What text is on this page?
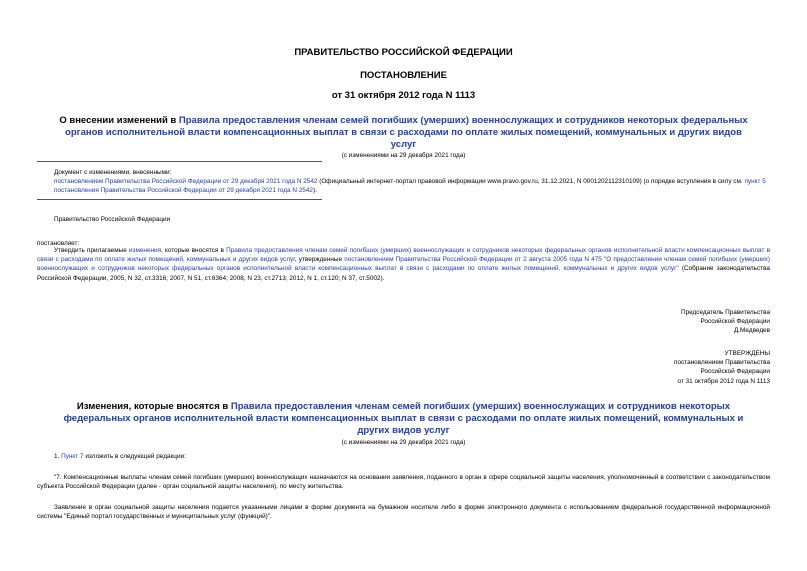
ПРАВИТЕЛЬСТВО РОССИЙСКОЙ ФЕДЕРАЦИИ
ПОСТАНОВЛЕНИЕ
от 31 октября 2012 года N 1113
О внесении изменений в Правила предоставления членам семей погибших (умерших) военнослужащих и сотрудников некоторых федеральных органов исполнительной власти компенсационных выплат в связи с расходами по оплате жилых помещений, коммунальных и других видов услуг
(с изменениями на 29 декабря 2021 года)
Документ с изменениями, внесенными:
постановлением Правительства Российской Федерации от 29 декабря 2021 года N 2542 (Официальный интернет-портал правовой информации www.pravo.gov.ru, 31.12.2021, N 0001202112310109) (о порядке вступления в силу см. пункт 5 постановления Правительства Российской Федерации от 29 декабря 2021 года N 2542).
Правительство Российской Федерации
постановляет:
Утвердить прилагаемые изменения, которые вносятся в Правила предоставления членам семей погибших (умерших) военнослужащих и сотрудников некоторых федеральных органов исполнительной власти компенсационных выплат в связи с расходами по оплате жилых помещений, коммунальных и других видов услуг, утвержденные постановлением Правительства Российской Федерации от 2 августа 2005 года N 475 "О предоставлении членам семей погибших (умерших) военнослужащих и сотрудников некоторых федеральных органов исполнительной власти компенсационных выплат в связи с расходами по оплате жилых помещений, коммунальных и других видов услуг" (Собрание законодательства Российской Федерации, 2005, N 32, ст.3316; 2007, N 51, ст.6364; 2008, N 23, ст.2713; 2012, N 1, ст.120; N 37, ст.5002).
Председатель Правительства
Российской Федерации
Д.Медведев
УТВЕРЖДЕНЫ
постановлением Правительства
Российской Федерации
от 31 октября 2012 года N 1113
Изменения, которые вносятся в Правила предоставления членам семей погибших (умерших) военнослужащих и сотрудников некоторых федеральных органов исполнительной власти компенсационных выплат в связи с расходами по оплате жилых помещений, коммунальных и других видов услуг
(с изменениями на 29 декабря 2021 года)
1. Пункт 7 изложить в следующей редакции:
"7. Компенсационные выплаты членам семей погибших (умерших) военнослужащих назначаются на основании заявления, поданного в орган в сфере социальной защиты населения, уполномоченный в соответствии с законодательством субъекта Российской Федерации (далее - орган социальной защиты населения), по месту жительства.
Заявление в орган социальной защиты населения подается указанными лицами в форме документа на бумажном носителе либо в форме электронного документа с использованием федеральной государственной информационной системы "Единый портал государственных и муниципальных услуг (функций)".
